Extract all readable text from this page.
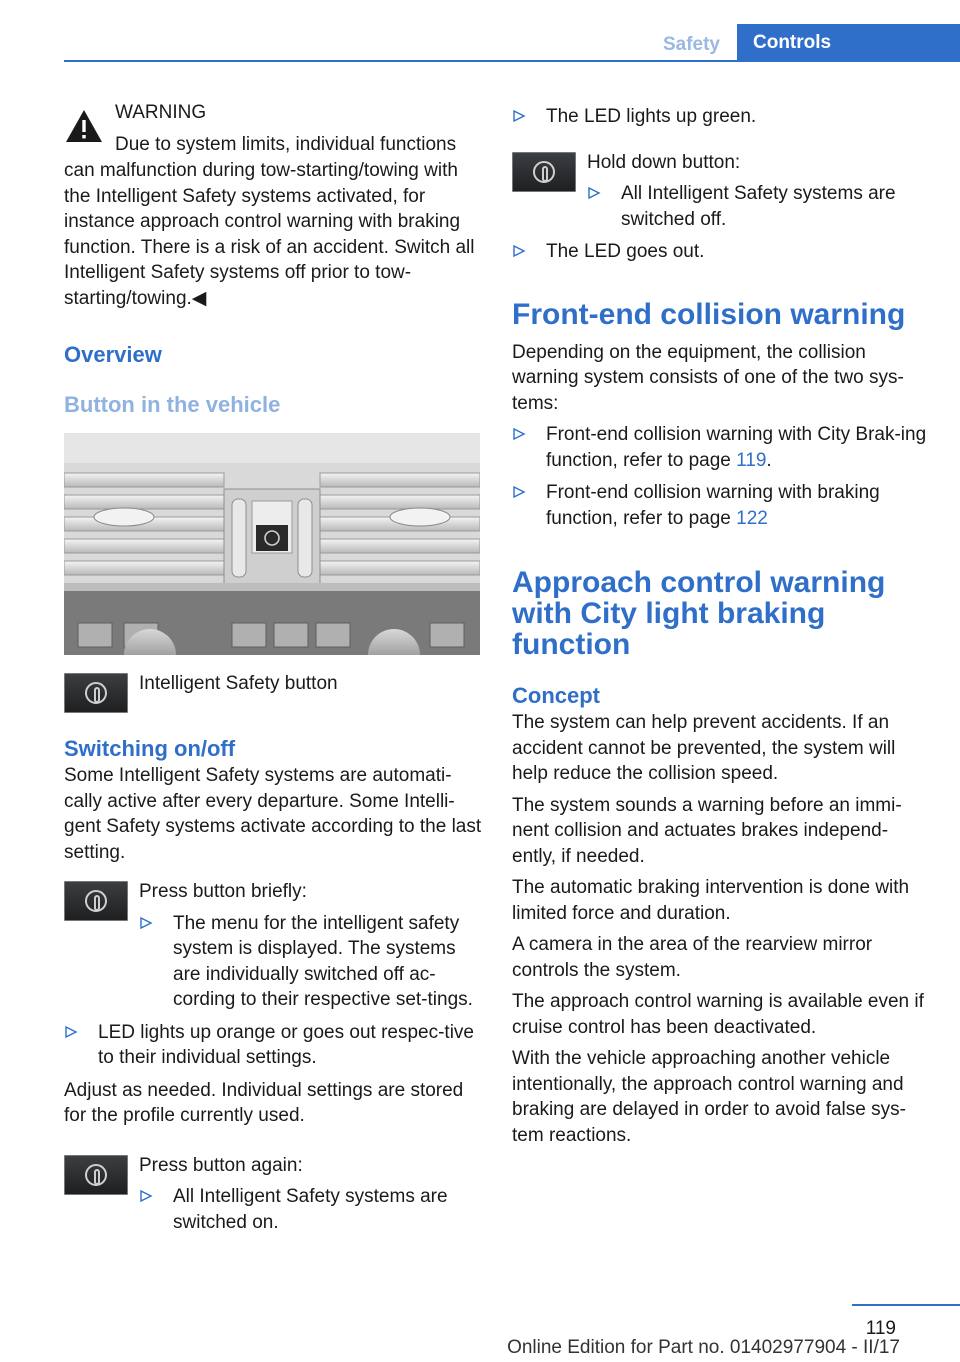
Safety	Controls
WARNING
Due to system limits, individual functions

can malfunction during tow-starting/towing with the Intelligent Safety systems activated, for instance approach control warning with braking function. There is a risk of an accident. Switch all Intelligent Safety systems off prior to tow-starting/towing.◀

Overview
Button in the vehicle

Intelligent Safety button

Switching on/off

Some Intelligent Safety systems are automati‐cally active after every departure. Some Intelli‐gent Safety systems activate according to the last setting.

Press button briefly:

The menu for the intelligent safety system is displayed. The systems are individually switched off ac‐cording to their respective set‐tings.
LED lights up orange or goes out respec‐tive to their individual settings.

Adjust as needed. Individual settings are stored for the profile currently used.

Press button again:

All Intelligent Safety systems are switched on.
The LED lights up green.

Hold down button:

All Intelligent Safety systems are switched off.
The LED goes out.
Front-end collision warning

Depending on the equipment, the collision warning system consists of one of the two sys‐tems:

Front-end collision warning with City Brak‐ing function, refer to page 119.
Front-end collision warning with braking function, refer to page 122
Approach control warning with City light braking function
Concept

The system can help prevent accidents. If an accident cannot be prevented, the system will help reduce the collision speed.

The system sounds a warning before an immi‐nent collision and actuates brakes independ‐ently, if needed.

The automatic braking intervention is done with limited force and duration.

A camera in the area of the rearview mirror controls the system.

The approach control warning is available even if cruise control has been deactivated.

With the vehicle approaching another vehicle intentionally, the approach control warning and braking are delayed in order to avoid false sys‐tem reactions.

119
Online Edition for Part no. 01402977904 - II/17
